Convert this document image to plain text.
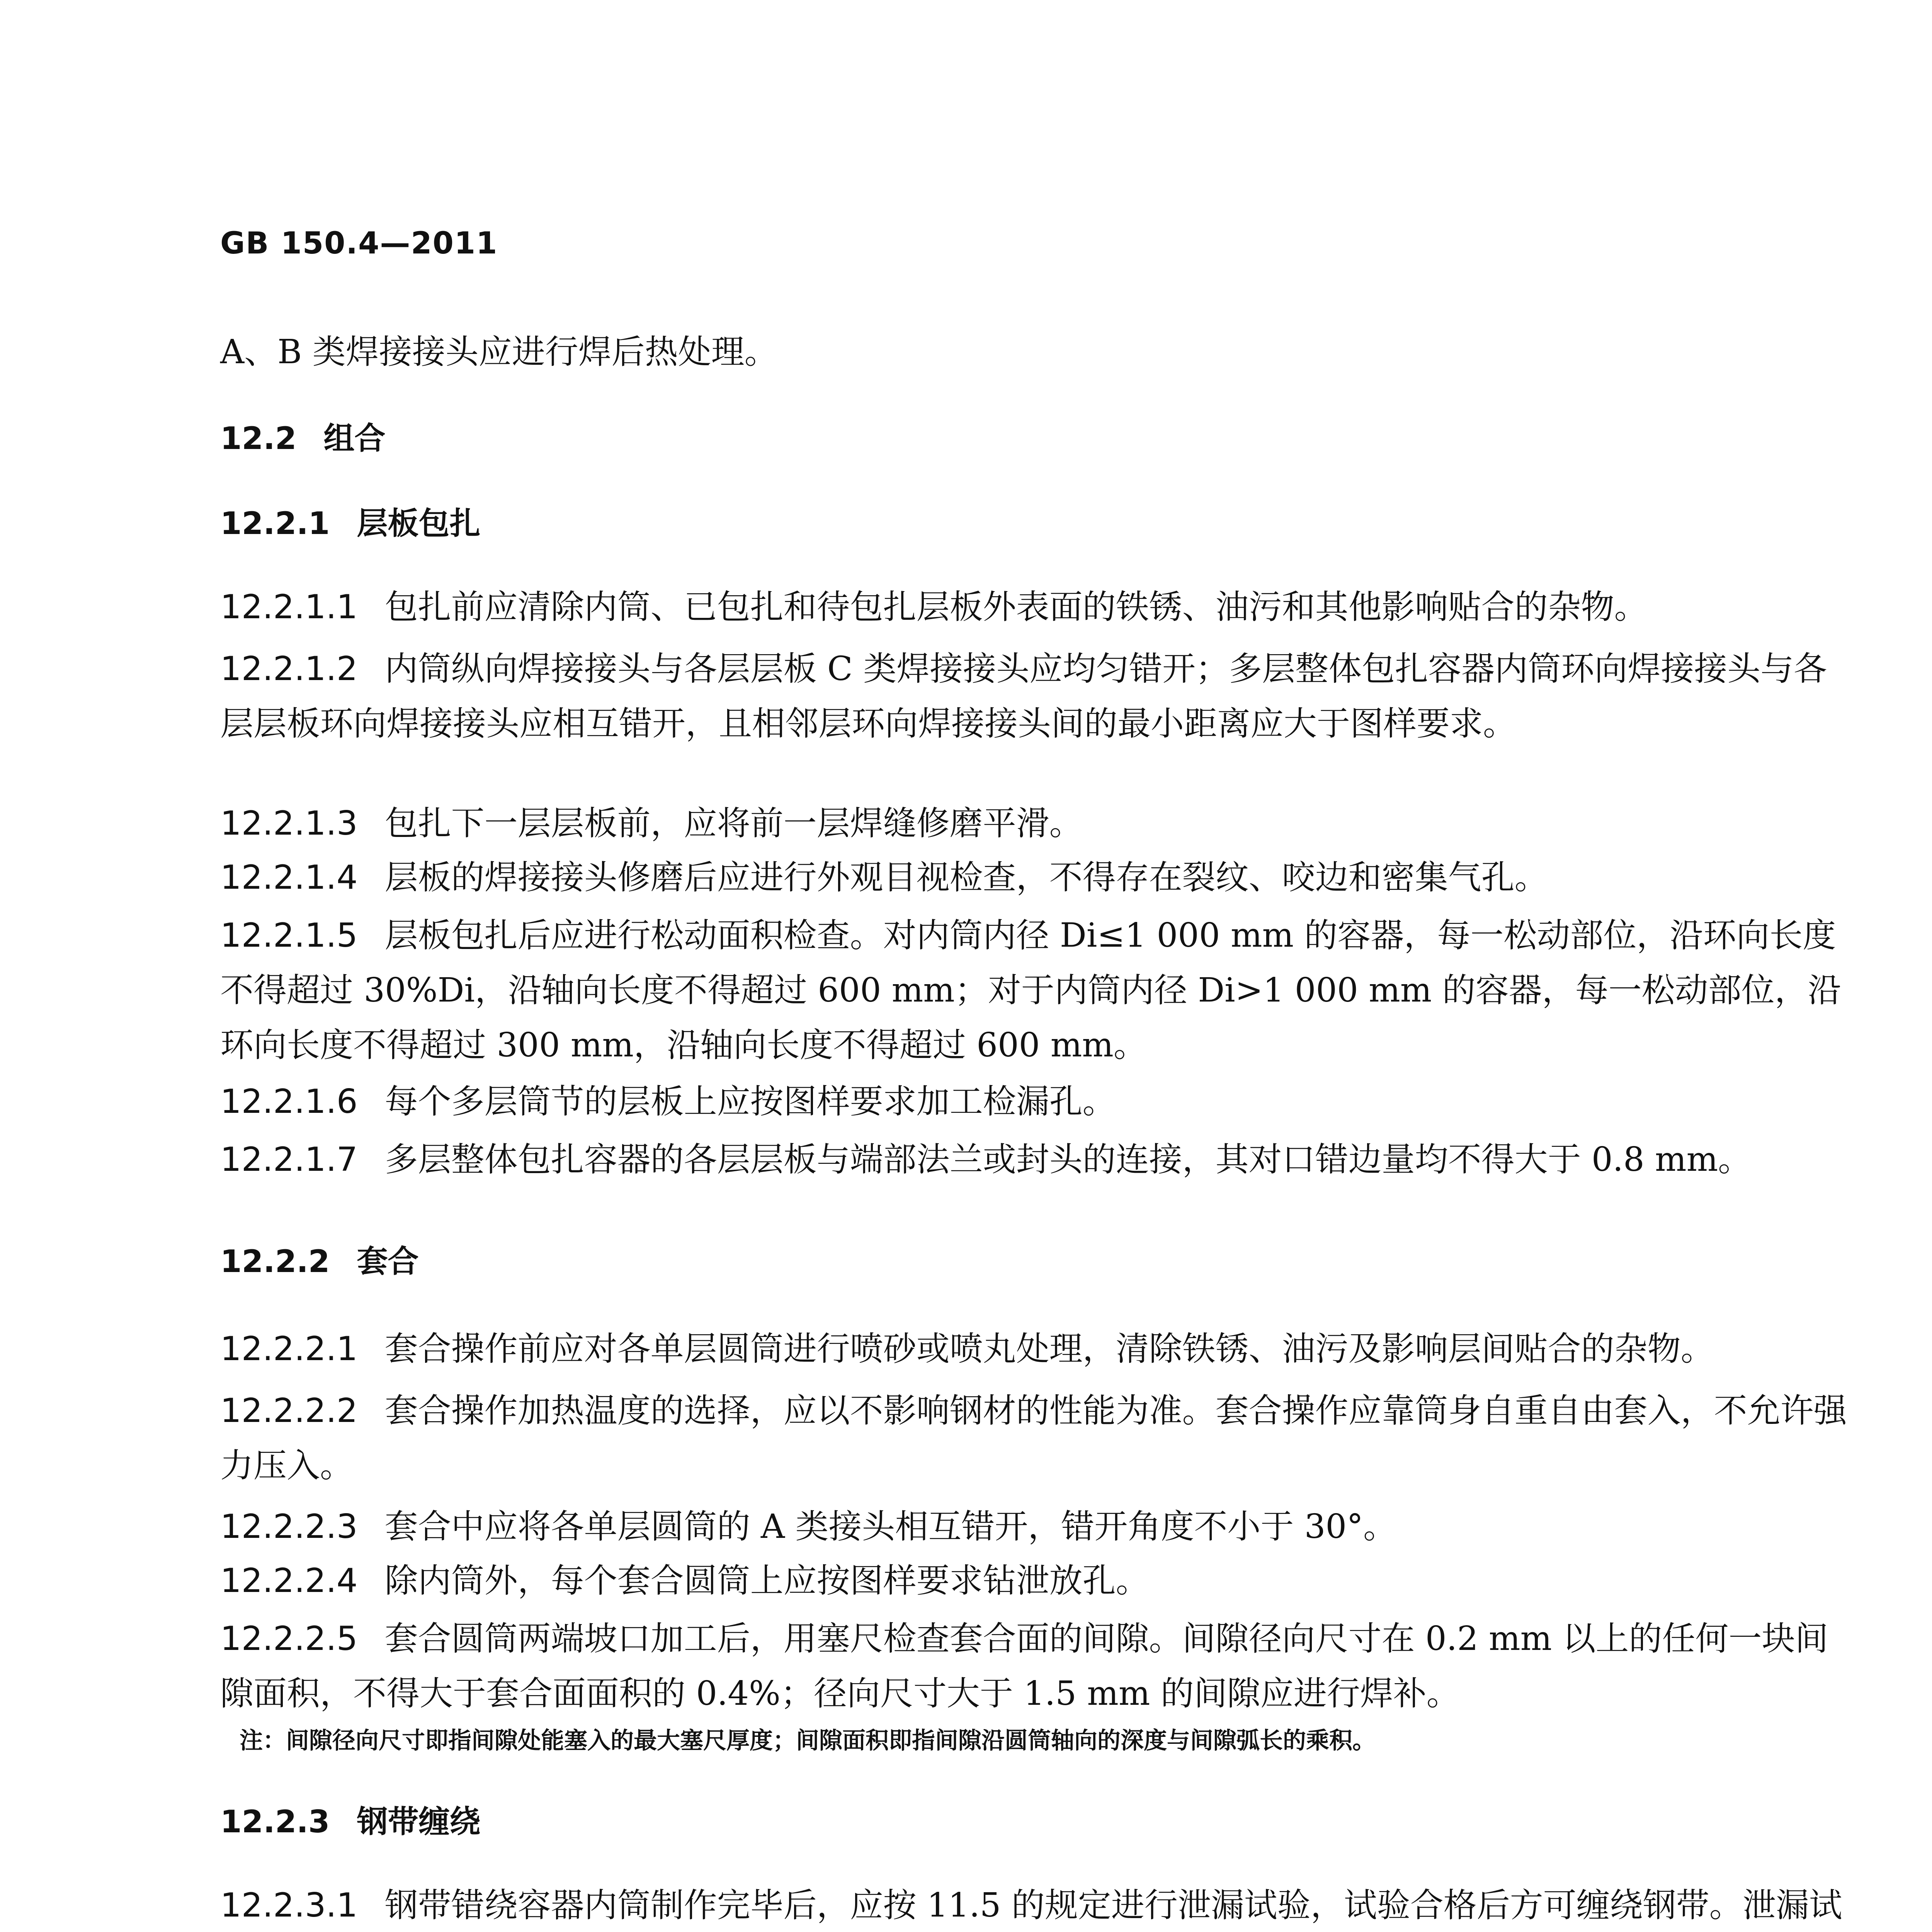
GB 150.4—2011
A、B 类焊接接头应进行焊后热处理。
12.2 组合
12.2.1 层板包扎
12.2.1.1 包扎前应清除内筒、已包扎和待包扎层板外表面的铁锈、油污和其他影响贴合的杂物。
12.2.1.2 内筒纵向焊接接头与各层层板 C 类焊接接头应均匀错开；多层整体包扎容器内筒环向焊接接头与各层层板环向焊接接头应相互错开，且相邻层环向焊接接头间的最小距离应大于图样要求。
12.2.1.3 包扎下一层层板前，应将前一层焊缝修磨平滑。
12.2.1.4 层板的焊接接头修磨后应进行外观目视检查，不得存在裂纹、咬边和密集气孔。
12.2.1.5 层板包扎后应进行松动面积检查。对内筒内径 Di≤1 000 mm 的容器，每一松动部位，沿环向长度不得超过 30%Di，沿轴向长度不得超过 600 mm；对于内筒内径 Di>1 000 mm 的容器，每一松动部位，沿环向长度不得超过 300 mm，沿轴向长度不得超过 600 mm。
12.2.1.6 每个多层筒节的层板上应按图样要求加工检漏孔。
12.2.1.7 多层整体包扎容器的各层层板与端部法兰或封头的连接，其对口错边量均不得大于 0.8 mm。
12.2.2 套合
12.2.2.1 套合操作前应对各单层圆筒进行喷砂或喷丸处理，清除铁锈、油污及影响层间贴合的杂物。
12.2.2.2 套合操作加热温度的选择，应以不影响钢材的性能为准。套合操作应靠筒身自重自由套入，不允许强力压入。
12.2.2.3 套合中应将各单层圆筒的 A 类接头相互错开，错开角度不小于 30°。
12.2.2.4 除内筒外，每个套合圆筒上应按图样要求钻泄放孔。
12.2.2.5 套合圆筒两端坡口加工后，用塞尺检查套合面的间隙。间隙径向尺寸在 0.2 mm 以上的任何一块间隙面积，不得大于套合面面积的 0.4%；径向尺寸大于 1.5 mm 的间隙应进行焊补。
注：间隙径向尺寸即指间隙处能塞入的最大塞尺厚度；间隙面积即指间隙沿圆筒轴向的深度与间隙弧长的乘积。
12.2.3 钢带缠绕
12.2.3.1 钢带错绕容器内筒制作完毕后，应按 11.5 的规定进行泄漏试验，试验合格后方可缠绕钢带。泄漏试
